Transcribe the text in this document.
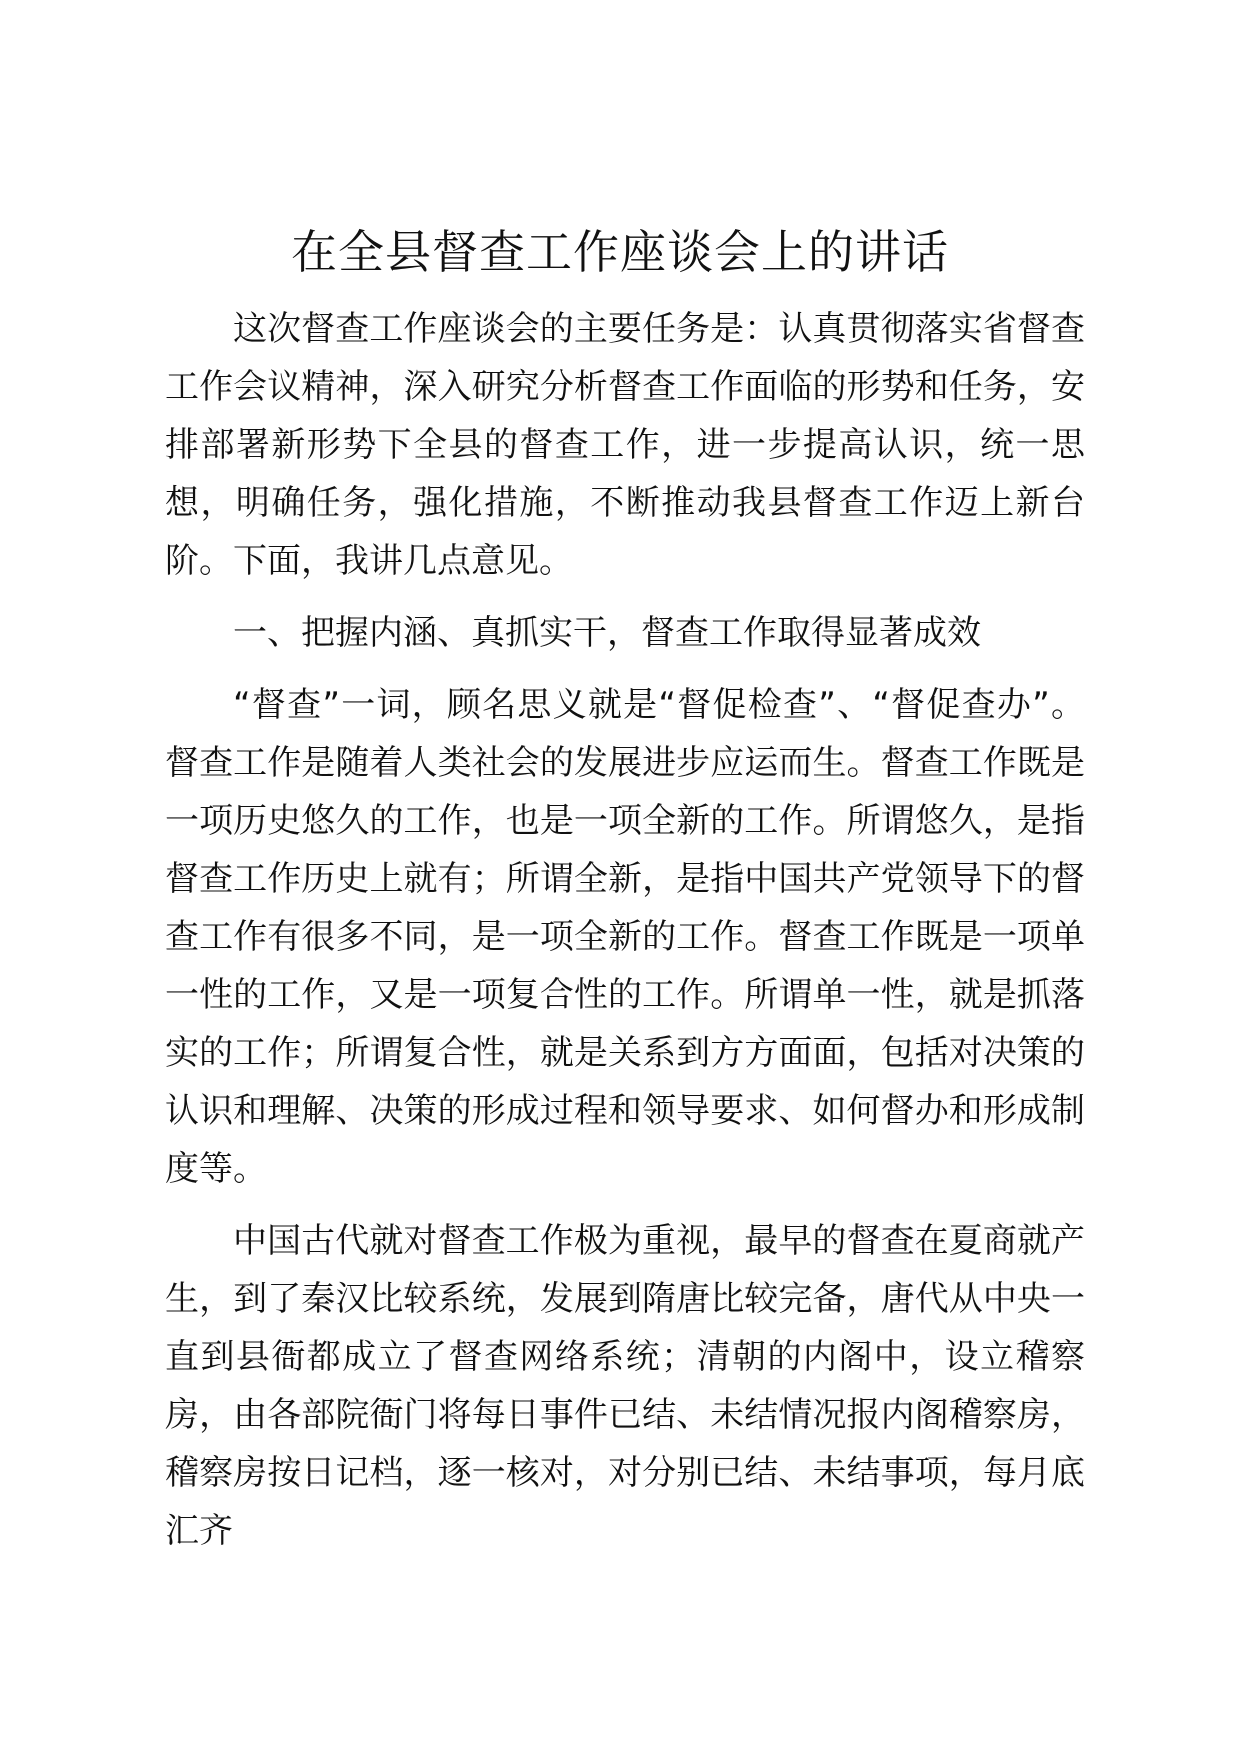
在全县督查工作座谈会上的讲话

这次督查工作座谈会的主要任务是：认真贯彻落实省督查工作会议精神，深入研究分析督查工作面临的形势和任务，安排部署新形势下全县的督查工作，进一步提高认识，统一思想，明确任务，强化措施，不断推动我县督查工作迈上新台阶。下面，我讲几点意见。

一、把握内涵、真抓实干，督查工作取得显著成效

“督查”一词，顾名思义就是“督促检查”、“督促查办”。督查工作是随着人类社会的发展进步应运而生。督查工作既是一项历史悠久的工作，也是一项全新的工作。所谓悠久，是指督查工作历史上就有；所谓全新，是指中国共产党领导下的督查工作有很多不同，是一项全新的工作。督查工作既是一项单一性的工作，又是一项复合性的工作。所谓单一性，就是抓落实的工作；所谓复合性，就是关系到方方面面，包括对决策的认识和理解、决策的形成过程和领导要求、如何督办和形成制度等。

中国古代就对督查工作极为重视，最早的督查在夏商就产生，到了秦汉比较系统，发展到隋唐比较完备，唐代从中央一直到县衙都成立了督查网络系统；清朝的内阁中，设立稽察房，由各部院衙门将每日事件已结、未结情况报内阁稽察房，稽察房按日记档，逐一核对，对分别已结、未结事项，每月底汇齐
